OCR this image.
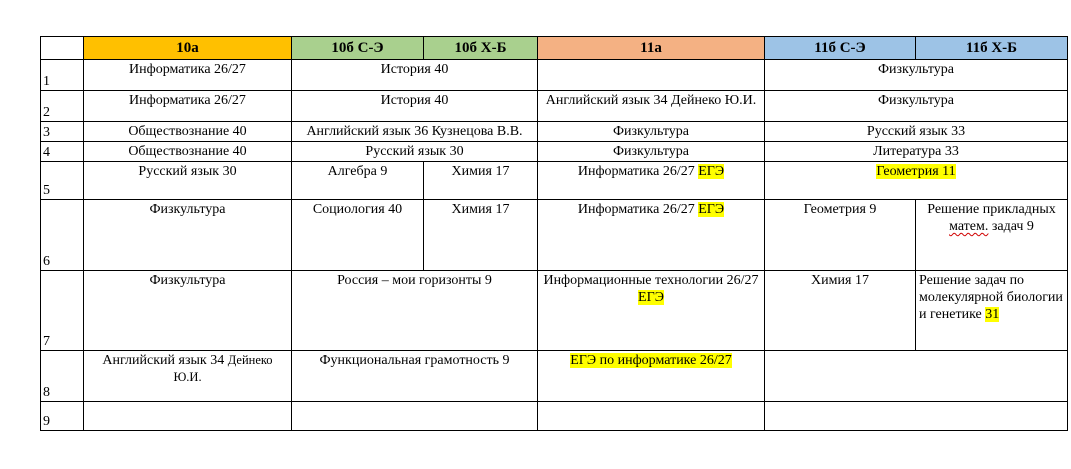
	10а	10б С-Э	10б Х-Б	11а	11б С-Э	11б Х-Б
1	Информатика 26/27	История 40			Физкультура	
2	Информатика 26/27	История 40		Английский язык 34 Дейнеко Ю.И.	Физкультура	
3	Обществознание 40	Английский язык 36 Кузнецова В.В.		Физкультура	Русский язык 33	
4	Обществознание 40	Русский язык 30		Физкультура	Литература 33	
5	Русский язык 30	Алгебра 9	Химия 17	Информатика 26/27 ЕГЭ	Геометрия 11	
6	Физкультура	Социология 40	Химия 17	Информатика 26/27 ЕГЭ	Геометрия 9	Решение прикладных матем. задач 9
7	Физкультура	Россия – мои горизонты 9		Информационные технологии 26/27 ЕГЭ	Химия 17	Решение задач по молекулярной биологии и генетике 31
8	Английский язык 34 Дейнеко Ю.И.	Функциональная грамотность 9		ЕГЭ по информатике 26/27		
9						
